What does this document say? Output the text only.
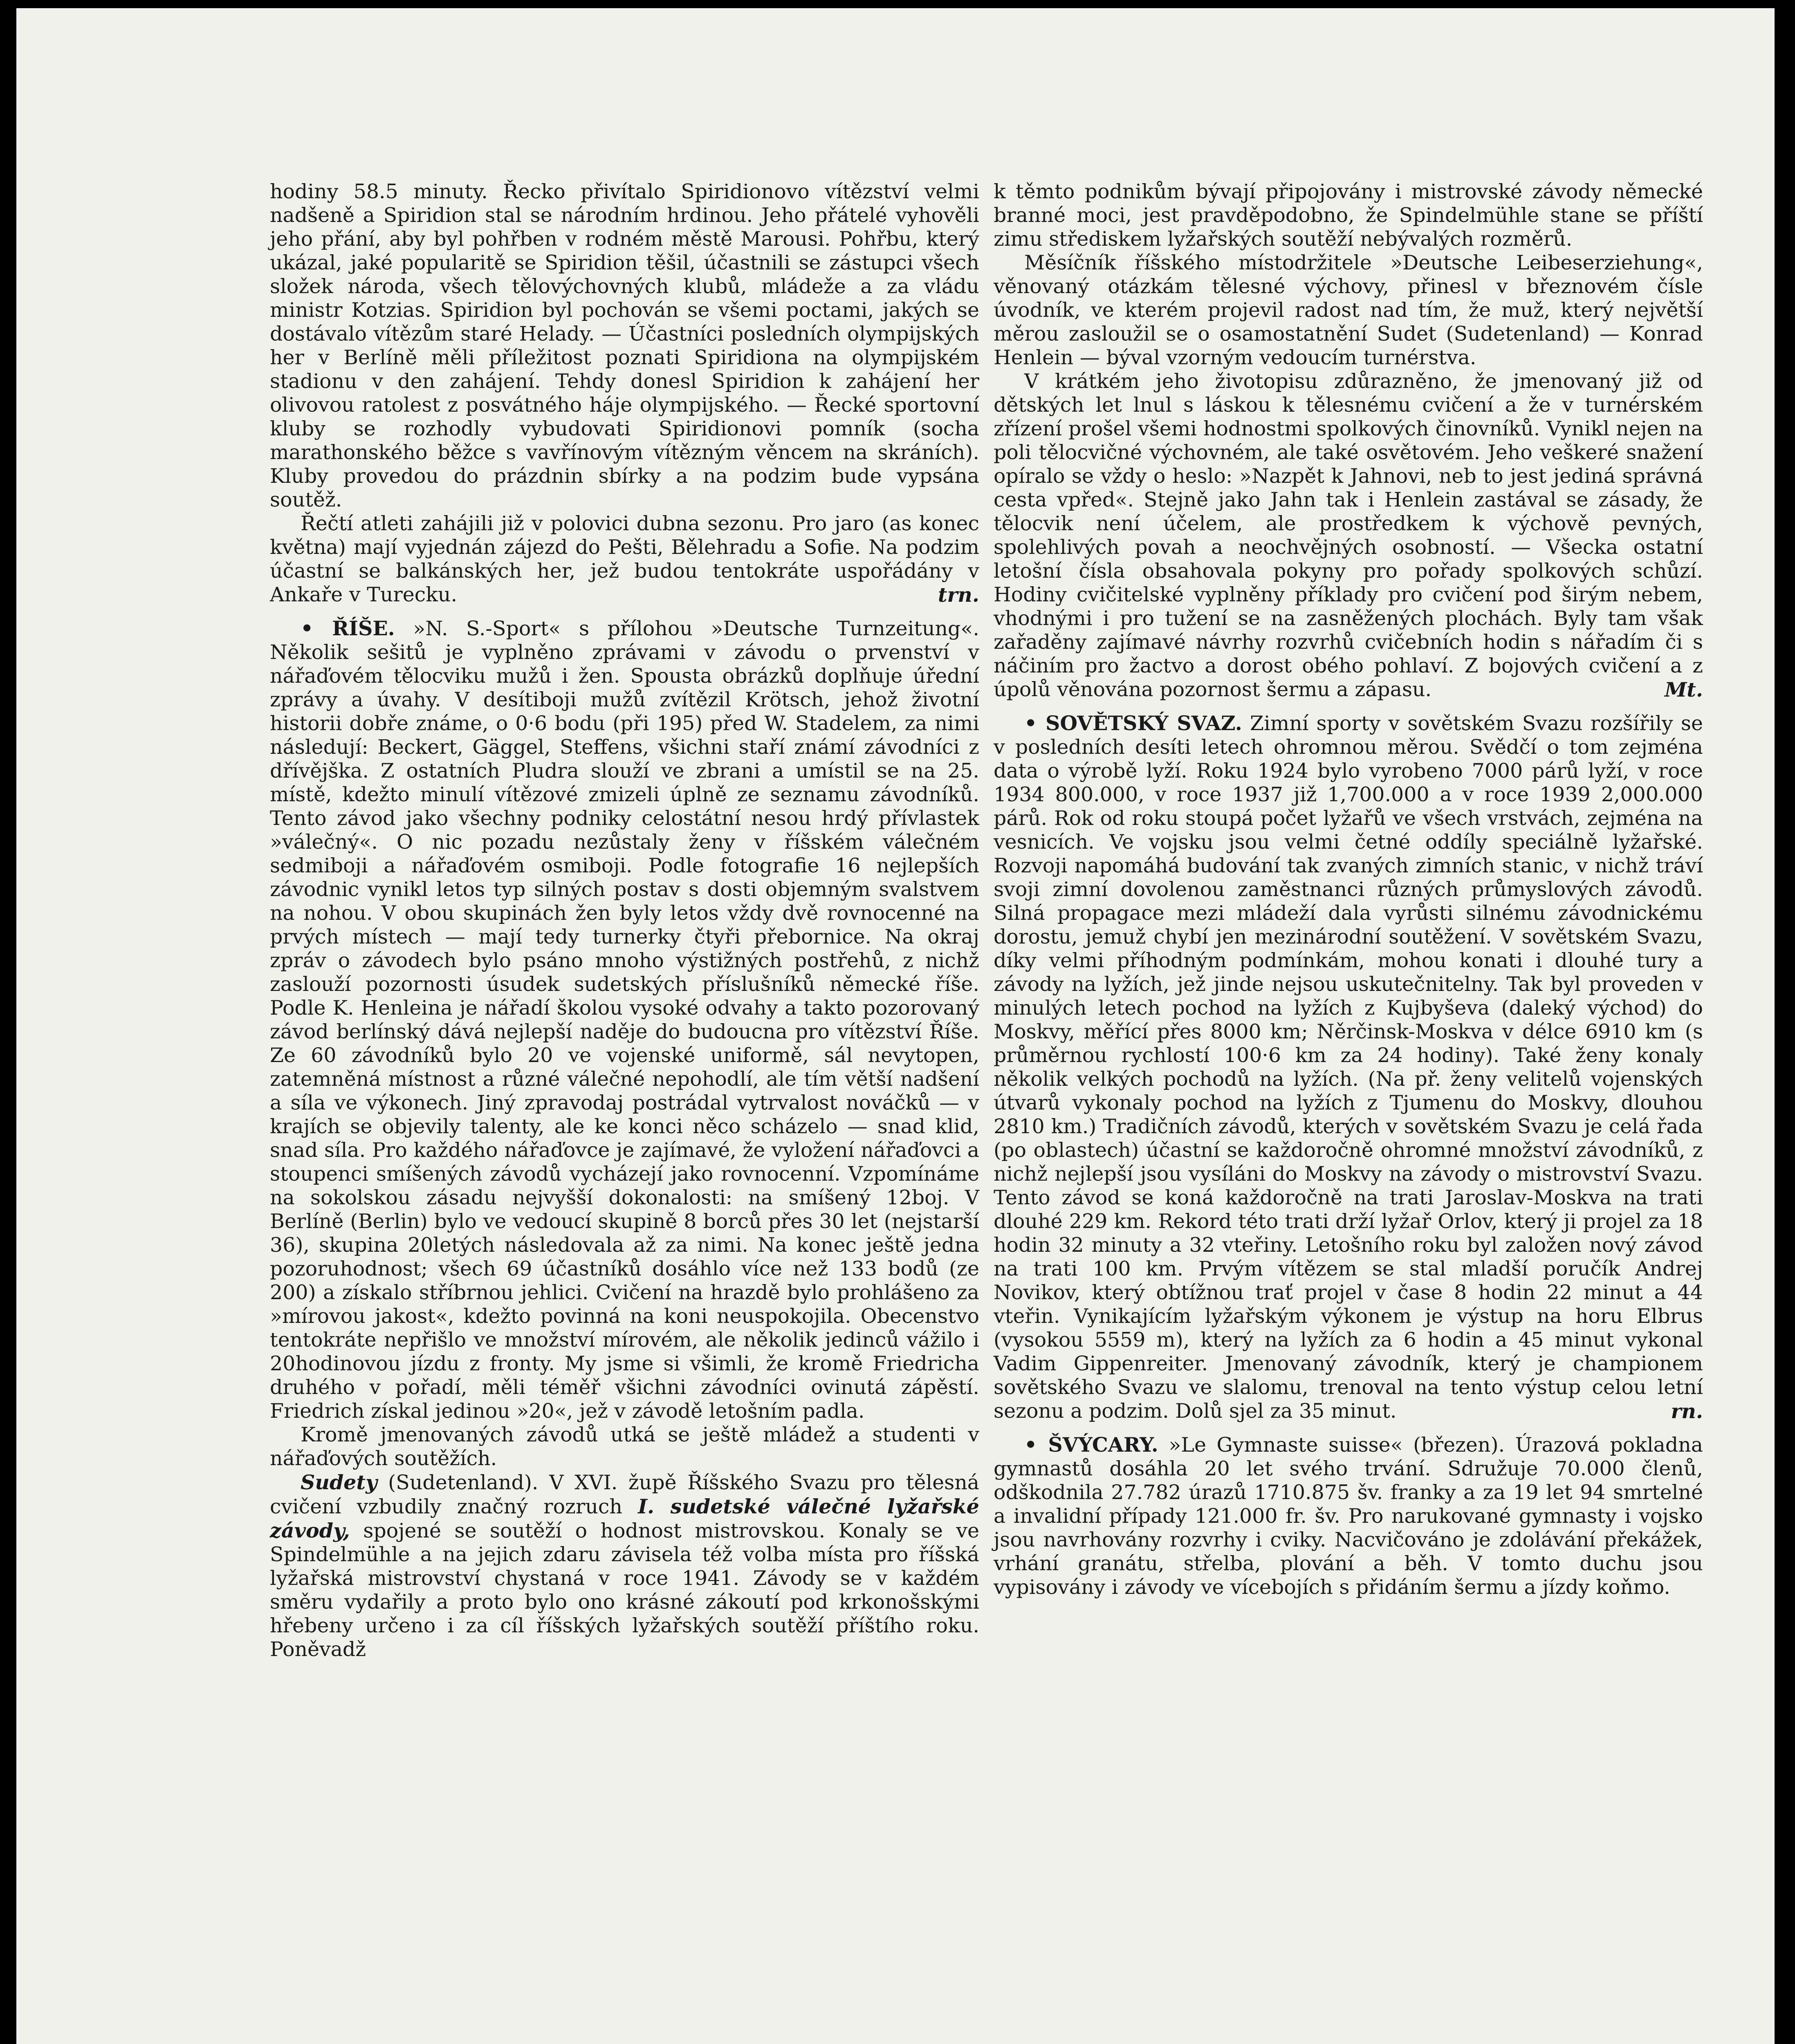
hodiny 58.5 minuty. Řecko přivítalo Spiridionovo vítězství velmi nadšeně a Spiridion stal se národním hrdinou. Jeho přátelé vyhověli jeho přání, aby byl pohřben v rodném městě Marousi. Pohřbu, který ukázal, jaké popularitě se Spiridion těšil, účastnili se zástupci všech složek národa, všech tělovýchovných klubů, mládeže a za vládu ministr Kotzias. Spiridion byl pochován se všemi poctami, jakých se dostávalo vítězům staré Helady. — Účastníci posledních olympijských her v Berlíně měli příležitost poznati Spiridiona na olympijském stadionu v den zahájení. Tehdy donesl Spiridion k zahájení her olivovou ratolest z posvátného háje olympijského. — Řecké sportovní kluby se rozhodly vybudovati Spiridionovi pomník (socha marathonského běžce s vavřínovým vítězným věncem na skráních). Kluby provedou do prázdnin sbírky a na podzim bude vypsána soutěž.

Řečtí atleti zahájili již v polovici dubna sezonu. Pro jaro (as konec května) mají vyjednán zájezd do Pešti, Bělehradu a Sofie. Na podzim účastní se balkánských her, jež budou tentokráte uspořádány v Ankaře v Turecku.	trn.

• ŘÍŠE. »N. S.-Sport« s přílohou »Deutsche Turnzeitung«. Několik sešitů je vyplněno zprávami v závodu o prvenství v nářaďovém tělocviku mužů i žen. Spousta obrázků doplňuje úřední zprávy a úvahy. V desítiboji mužů zvítězil Krötsch, jehož životní historii dobře známe, o 0·6 bodu (při 195) před W. Stadelem, za nimi následují: Beckert, Gäggel, Steffens, všichni staří známí závodníci z dřívějška. Z ostatních Pludra slouží ve zbrani a umístil se na 25. místě, kdežto minulí vítězové zmizeli úplně ze seznamu závodníků. Tento závod jako všechny podniky celostátní nesou hrdý přívlastek »válečný«. O nic pozadu nezůstaly ženy v říšském válečném sedmiboji a nářaďovém osmiboji. Podle fotografie 16 nejlepších závodnic vynikl letos typ silných postav s dosti objemným svalstvem na nohou. V obou skupinách žen byly letos vždy dvě rovnocenné na prvých místech — mají tedy turnerky čtyři přebornice. Na okraj zpráv o závodech bylo psáno mnoho výstižných postřehů, z nichž zaslouží pozornosti úsudek sudetských příslušníků německé říše. Podle K. Henleina je nářadí školou vysoké odvahy a takto pozorovaný závod berlínský dává nejlepší naděje do budoucna pro vítězství Říše. Ze 60 závodníků bylo 20 ve vojenské uniformě, sál nevytopen, zatemněná místnost a různé válečné nepohodlí, ale tím větší nadšení a síla ve výkonech. Jiný zpravodaj postrádal vytrvalost nováčků — v krajích se objevily talenty, ale ke konci něco scházelo — snad klid, snad síla. Pro každého nářaďovce je zajímavé, že vyložení nářaďovci a stoupenci smíšených závodů vycházejí jako rovnocenní. Vzpomínáme na sokolskou zásadu nejvyšší dokonalosti: na smíšený 12boj. V Berlíně (Berlin) bylo ve vedoucí skupině 8 borců přes 30 let (nejstarší 36), skupina 20letých následovala až za nimi. Na konec ještě jedna pozoruhodnost; všech 69 účastníků dosáhlo více než 133 bodů (ze 200) a získalo stříbrnou jehlici. Cvičení na hrazdě bylo prohlášeno za »mírovou jakost«, kdežto povinná na koni neuspokojila. Obecenstvo tentokráte nepřišlo ve množství mírovém, ale několik jedinců vážilo i 20hodinovou jízdu z fronty. My jsme si všimli, že kromě Friedricha druhého v pořadí, měli téměř všichni závodníci ovinutá zápěstí. Friedrich získal jedinou »20«, jež v závodě letošním padla.

Kromě jmenovaných závodů utká se ještě mládež a studenti v nářaďových soutěžích.

Sudety (Sudetenland). V XVI. župě Říšského Svazu pro tělesná cvičení vzbudily značný rozruch I. sudetské válečné lyžařské závody, spojené se soutěží o hodnost mistrovskou. Konaly se ve Spindelmühle a na jejich zdaru závisela též volba místa pro říšská lyžařská mistrovství chystaná v roce 1941. Závody se v každém směru vydařily a proto bylo ono krásné zákoutí pod krkonošskými hřebeny určeno i za cíl říšských lyžařských soutěží příštího roku. Poněvadž

k těmto podnikům bývají připojovány i mistrovské závody německé branné moci, jest pravděpodobno, že Spindelmühle stane se příští zimu střediskem lyžařských soutěží nebývalých rozměrů.

Měsíčník říšského místodržitele »Deutsche Leibeserziehung«, věnovaný otázkám tělesné výchovy, přinesl v březnovém čísle úvodník, ve kterém projevil radost nad tím, že muž, který největší měrou zasloužil se o osamostatnění Sudet (Sudetenland) — Konrad Henlein — býval vzorným vedoucím turnérstva.

V krátkém jeho životopisu zdůrazněno, že jmenovaný již od dětských let lnul s láskou k tělesnému cvičení a že v turnérském zřízení prošel všemi hodnostmi spolkových činovníků. Vynikl nejen na poli tělocvičné výchovném, ale také osvětovém. Jeho veškeré snažení opíralo se vždy o heslo: »Nazpět k Jahnovi, neb to jest jediná správná cesta vpřed«. Stejně jako Jahn tak i Henlein zastával se zásady, že tělocvik není účelem, ale prostředkem k výchově pevných, spolehlivých povah a neochvějných osobností. — Všecka ostatní letošní čísla obsahovala pokyny pro pořady spolkových schůzí. Hodiny cvičitelské vyplněny příklady pro cvičení pod širým nebem, vhodnými i pro tužení se na zasněžených plochách. Byly tam však zařaděny zajímavé návrhy rozvrhů cvičebních hodin s nářadím či s náčiním pro žactvo a dorost obého pohlaví. Z bojových cvičení a z úpolů věnována pozornost šermu a zápasu.	Mt.

• SOVĚTSKÝ SVAZ. Zimní sporty v sovětském Svazu rozšířily se v posledních desíti letech ohromnou měrou. Svědčí o tom zejména data o výrobě lyží. Roku 1924 bylo vyrobeno 7000 párů lyží, v roce 1934 800.000, v roce 1937 již 1,700.000 a v roce 1939 2,000.000 párů. Rok od roku stoupá počet lyžařů ve všech vrstvách, zejména na vesnicích. Ve vojsku jsou velmi četné oddíly speciálně lyžařské. Rozvoji napomáhá budování tak zvaných zimních stanic, v nichž tráví svoji zimní dovolenou zaměstnanci různých průmyslových závodů. Silná propagace mezi mládeží dala vyrůsti silnému závodnickému dorostu, jemuž chybí jen mezinárodní soutěžení. V sovětském Svazu, díky velmi příhodným podmínkám, mohou konati i dlouhé tury a závody na lyžích, jež jinde nejsou uskutečnitelny. Tak byl proveden v minulých letech pochod na lyžích z Kujbyševa (daleký východ) do Moskvy, měřící přes 8000 km; Něrčinsk-Moskva v délce 6910 km (s průměrnou rychlostí 100·6 km za 24 hodiny). Také ženy konaly několik velkých pochodů na lyžích. (Na př. ženy velitelů vojenských útvarů vykonaly pochod na lyžích z Tjumenu do Moskvy, dlouhou 2810 km.) Tradičních závodů, kterých v sovětském Svazu je celá řada (po oblastech) účastní se každoročně ohromné množství závodníků, z nichž nejlepší jsou vysíláni do Moskvy na závody o mistrovství Svazu. Tento závod se koná každoročně na trati Jaroslav-Moskva na trati dlouhé 229 km. Rekord této trati drží lyžař Orlov, který ji projel za 18 hodin 32 minuty a 32 vteřiny. Letošního roku byl založen nový závod na trati 100 km. Prvým vítězem se stal mladší poručík Andrej Novikov, který obtížnou trať projel v čase 8 hodin 22 minut a 44 vteřin. Vynikajícím lyžařským výkonem je výstup na horu Elbrus (vysokou 5559 m), který na lyžích za 6 hodin a 45 minut vykonal Vadim Gippenreiter. Jmenovaný závodník, který je championem sovětského Svazu ve slalomu, trenoval na tento výstup celou letní sezonu a podzim. Dolů sjel za 35 minut.	rn.

• ŠVÝCARY. »Le Gymnaste suisse« (březen). Úrazová pokladna gymnastů dosáhla 20 let svého trvání. Sdružuje 70.000 členů, odškodnila 27.782 úrazů 1710.875 šv. franky a za 19 let 94 smrtelné a invalidní případy 121.000 fr. šv. Pro narukované gymnasty i vojsko jsou navrhovány rozvrhy i cviky. Nacvičováno je zdolávání překážek, vrhání granátu, střelba, plování a běh. V tomto duchu jsou vypisovány i závody ve vícebojích s přidáním šermu a jízdy koňmo.
